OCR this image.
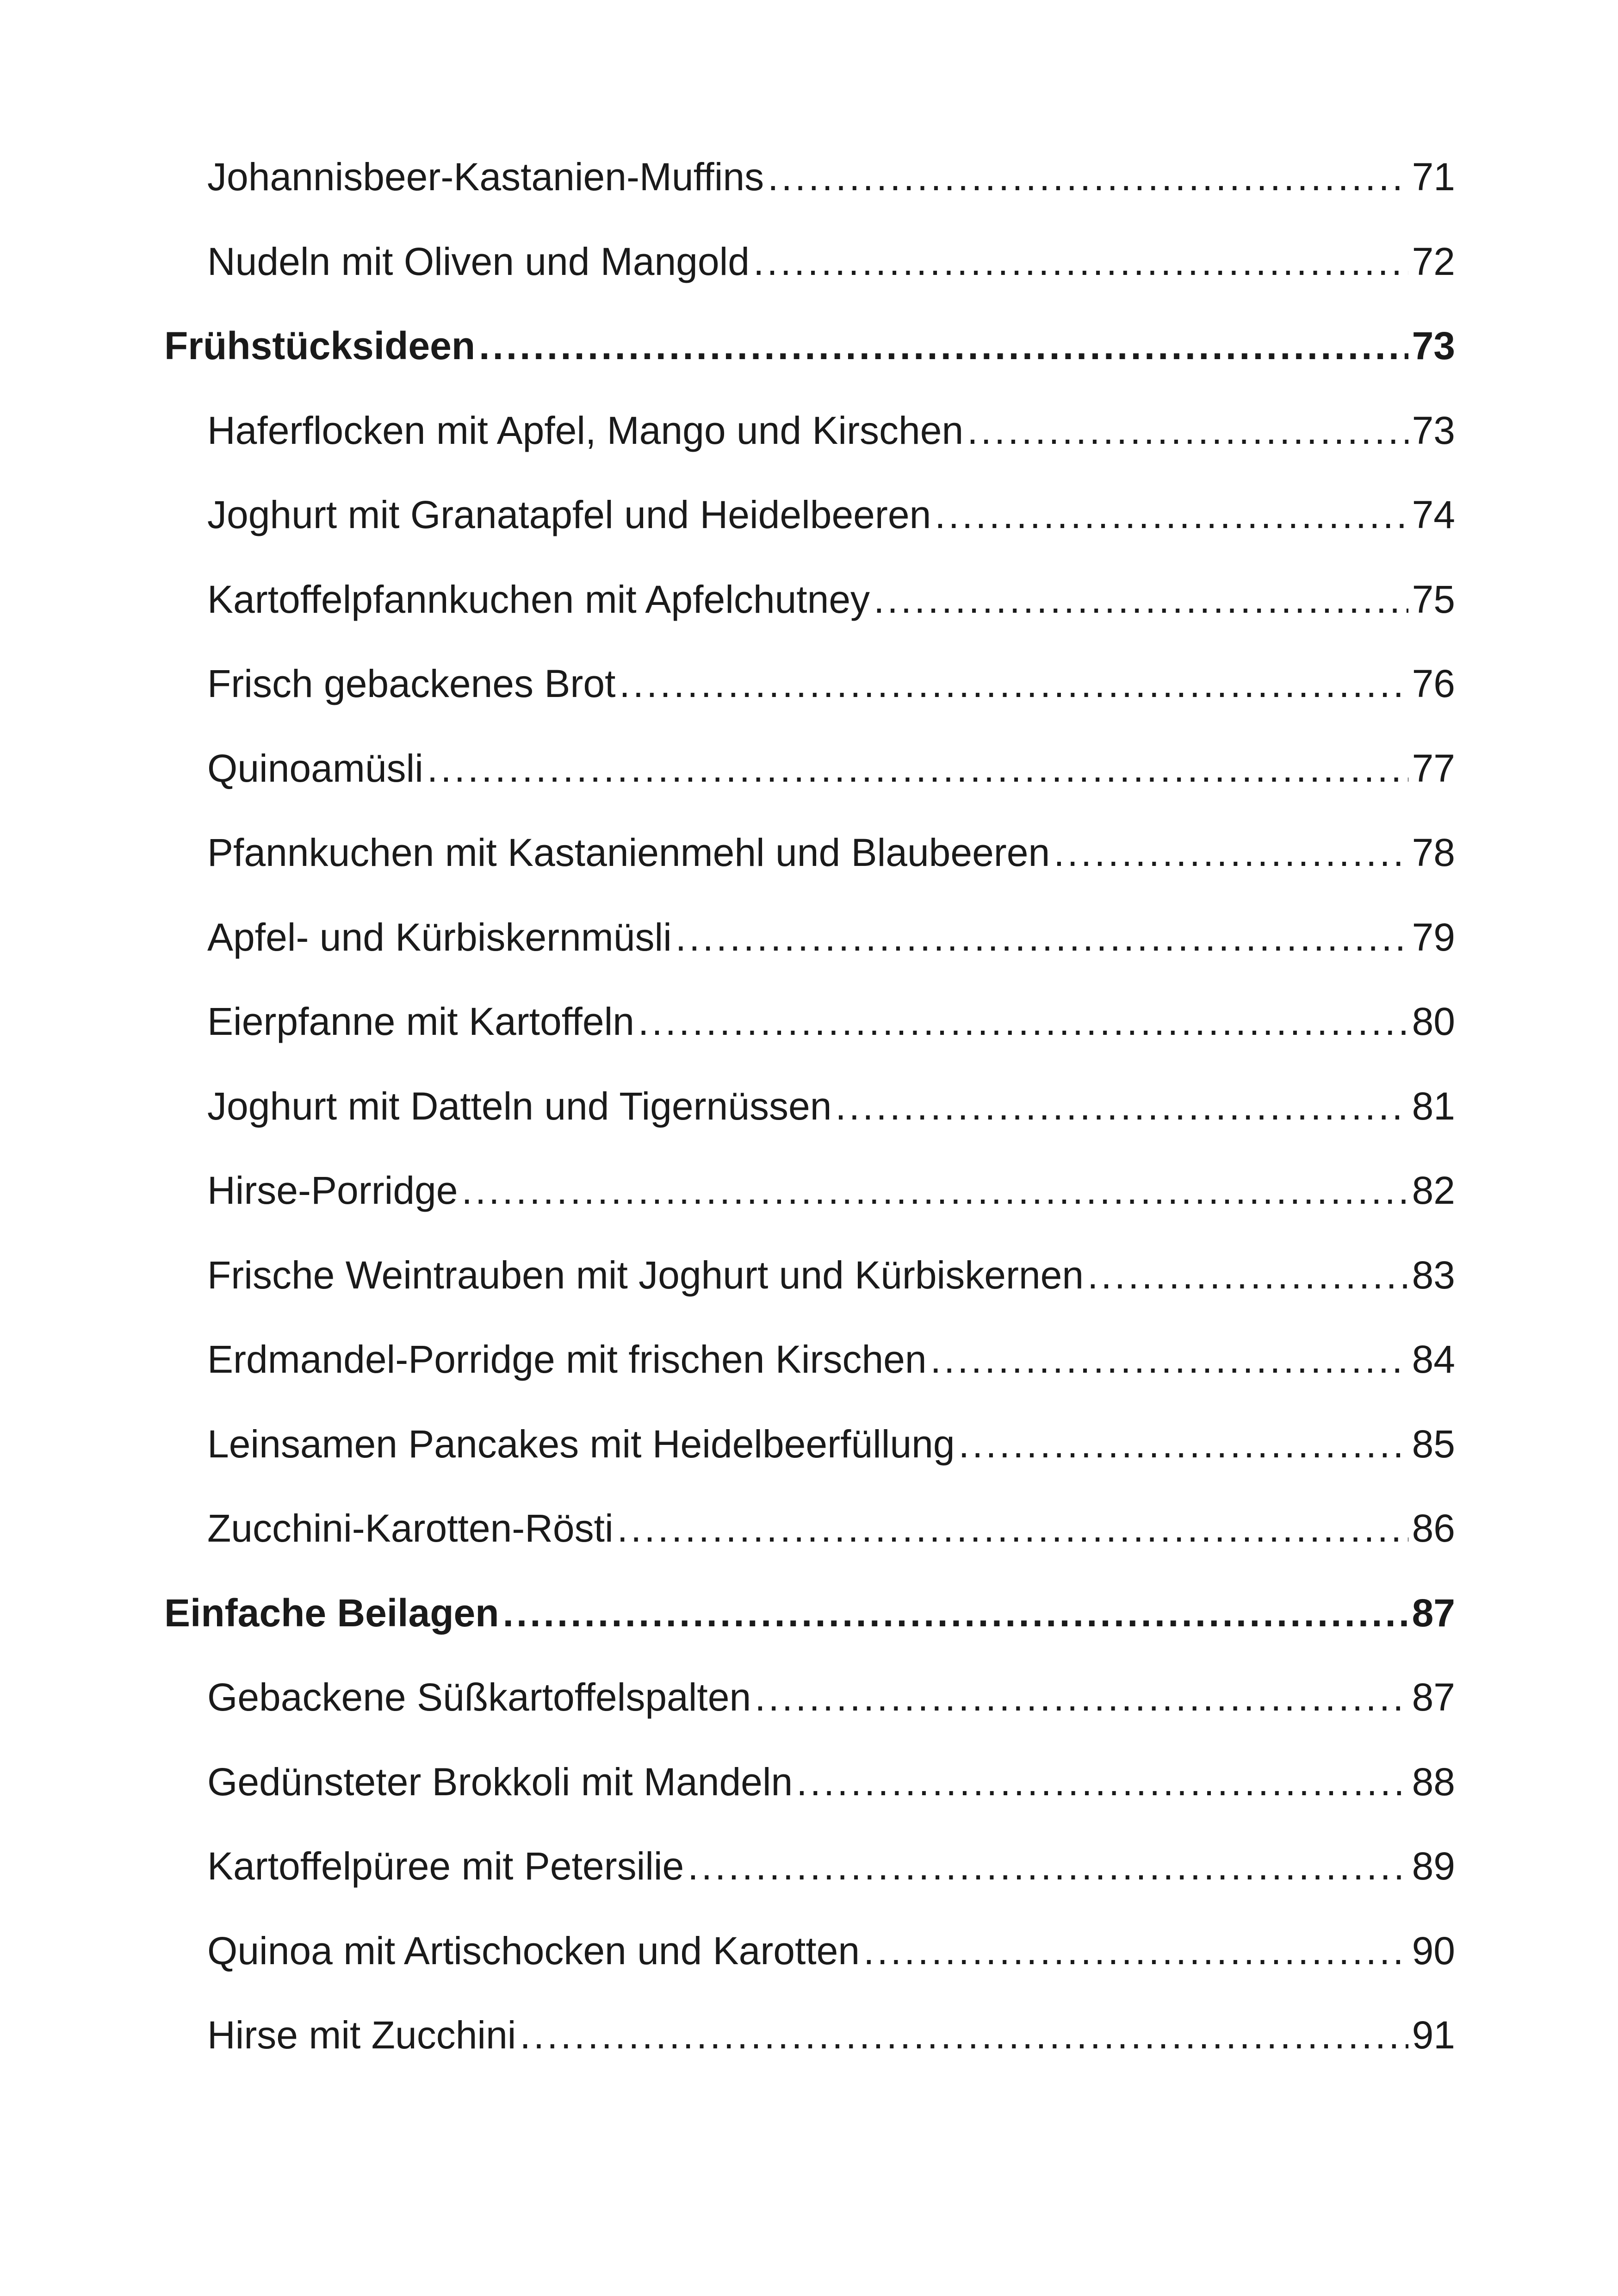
Johannisbeer-Kastanien-Muffins .....	71
Nudeln mit Oliven und Mangold .....	72
Frühstücksideen .....	73
Haferflocken mit Apfel, Mango und Kirschen .....	73
Joghurt mit Granatapfel und Heidelbeeren .....	74
Kartoffelpfannkuchen mit Apfelchutney .....	75
Frisch gebackenes Brot .....	76
Quinoamüsli .....	77
Pfannkuchen mit Kastanienmehl und Blaubeeren .....	78
Apfel- und Kürbiskernmüsli .....	79
Eierpfanne mit Kartoffeln .....	80
Joghurt mit Datteln und Tigernüssen .....	81
Hirse-Porridge .....	82
Frische Weintrauben mit Joghurt und Kürbiskernen .....	83
Erdmandel-Porridge mit frischen Kirschen .....	84
Leinsamen Pancakes mit Heidelbeerfüllung .....	85
Zucchini-Karotten-Rösti .....	86
Einfache Beilagen .....	87
Gebackene Süßkartoffelspalten .....	87
Gedünsteter Brokkoli mit Mandeln .....	88
Kartoffelpüree mit Petersilie .....	89
Quinoa mit Artischocken und Karotten .....	90
Hirse mit Zucchini .....	91
